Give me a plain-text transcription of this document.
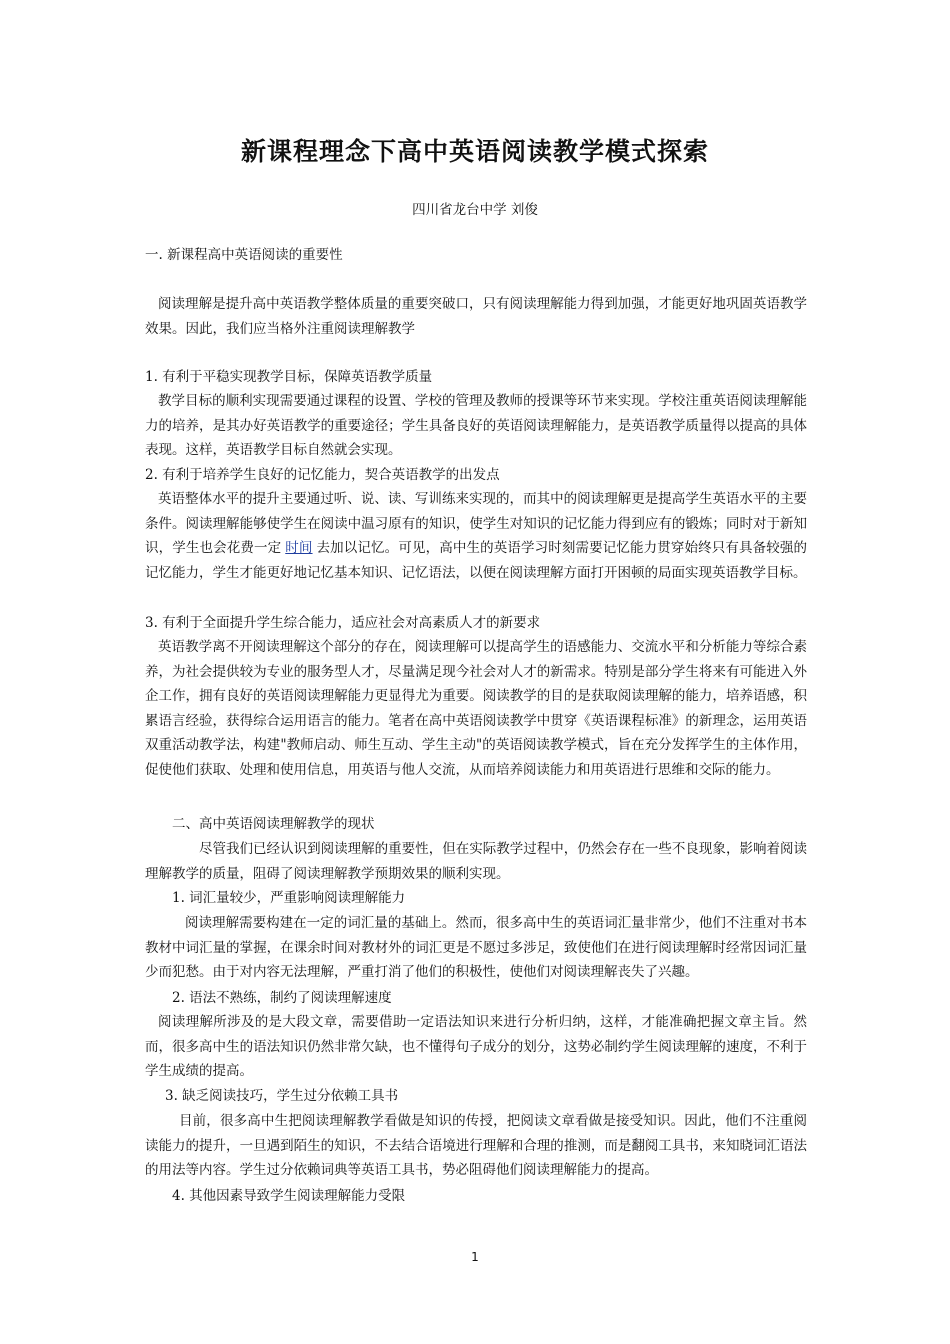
新课程理念下高中英语阅读教学模式探索
四川省龙台中学 刘俊

一. 新课程高中英语阅读的重要性

阅读理解是提升高中英语教学整体质量的重要突破口，只有阅读理解能力得到加强，才能更好地巩固英语教学效果。因此，我们应当格外注重阅读理解教学

1. 有利于平稳实现教学目标，保障英语教学质量

教学目标的顺利实现需要通过课程的设置、学校的管理及教师的授课等环节来实现。学校注重英语阅读理解能力的培养，是其办好英语教学的重要途径；学生具备良好的英语阅读理解能力，是英语教学质量得以提高的具体表现。这样，英语教学目标自然就会实现。

2. 有利于培养学生良好的记忆能力，契合英语教学的出发点

英语整体水平的提升主要通过听、说、读、写训练来实现的，而其中的阅读理解更是提高学生英语水平的主要条件。阅读理解能够使学生在阅读中温习原有的知识，使学生对知识的记忆能力得到应有的锻炼；同时对于新知识，学生也会花费一定 时间 去加以记忆。可见，高中生的英语学习时刻需要记忆能力贯穿始终只有具备较强的记忆能力，学生才能更好地记忆基本知识、记忆语法，以便在阅读理解方面打开困顿的局面实现英语教学目标。

3. 有利于全面提升学生综合能力，适应社会对高素质人才的新要求

英语教学离不开阅读理解这个部分的存在，阅读理解可以提高学生的语感能力、交流水平和分析能力等综合素养，为社会提供较为专业的服务型人才，尽量满足现今社会对人才的新需求。特别是部分学生将来有可能进入外企工作，拥有良好的英语阅读理解能力更显得尤为重要。阅读教学的目的是获取阅读理解的能力，培养语感，积累语言经验，获得综合运用语言的能力。笔者在高中英语阅读教学中贯穿《英语课程标准》的新理念，运用英语双重活动教学法，构建"教师启动、师生互动、学生主动"的英语阅读教学模式，旨在充分发挥学生的主体作用，促使他们获取、处理和使用信息，用英语与他人交流，从而培养阅读能力和用英语进行思维和交际的能力。

二、高中英语阅读理解教学的现状

尽管我们已经认识到阅读理解的重要性，但在实际教学过程中，仍然会存在一些不良现象，影响着阅读理解教学的质量，阻碍了阅读理解教学预期效果的顺利实现。

1. 词汇量较少，严重影响阅读理解能力

阅读理解需要构建在一定的词汇量的基础上。然而，很多高中生的英语词汇量非常少，他们不注重对书本教材中词汇量的掌握，在课余时间对教材外的词汇更是不愿过多涉足，致使他们在进行阅读理解时经常因词汇量少而犯愁。由于对内容无法理解，严重打消了他们的积极性，使他们对阅读理解丧失了兴趣。

2. 语法不熟练，制约了阅读理解速度

阅读理解所涉及的是大段文章，需要借助一定语法知识来进行分析归纳，这样，才能准确把握文章主旨。然而，很多高中生的语法知识仍然非常欠缺，也不懂得句子成分的划分，这势必制约学生阅读理解的速度，不利于学生成绩的提高。

3. 缺乏阅读技巧，学生过分依赖工具书

目前，很多高中生把阅读理解教学看做是知识的传授，把阅读文章看做是接受知识。因此，他们不注重阅读能力的提升，一旦遇到陌生的知识，不去结合语境进行理解和合理的推测，而是翻阅工具书，来知晓词汇语法的用法等内容。学生过分依赖词典等英语工具书，势必阻碍他们阅读理解能力的提高。

4. 其他因素导致学生阅读理解能力受限

1
